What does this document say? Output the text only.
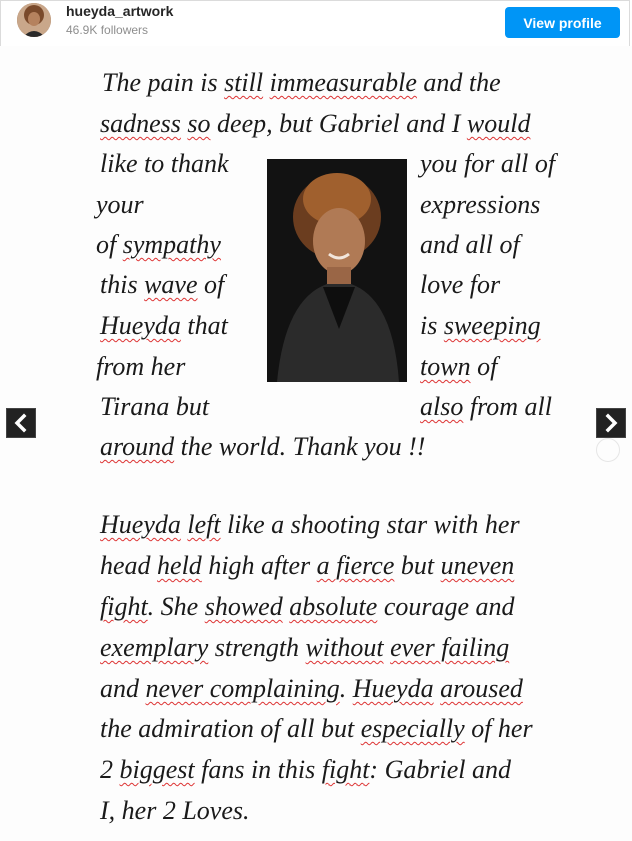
hueyda_artwork
46.9K followers	View profile
The pain is still immeasurable and the
sadness so deep, but Gabriel and I would
like to thank	you for all of
your	expressions
of sympathy	and all of
this wave of	love for
Hueyda that	is sweeping
from her	town of
Tirana but	also from all
around the world. Thank you !!
Hueyda left like a shooting star with her
head held high after a fierce but uneven
fight. She showed absolute courage and
exemplary strength without ever failing
and never complaining. Hueyda aroused
the admiration of all but especially of her
2 biggest fans in this fight: Gabriel and
I, her 2 Loves.
